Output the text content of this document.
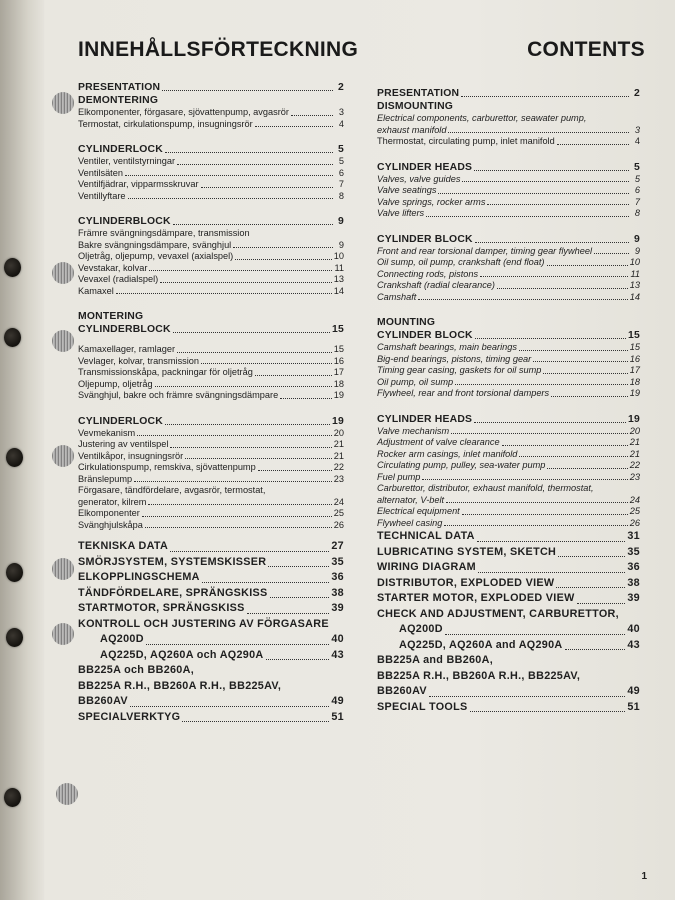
INNEHÅLLSFÖRTECKNING	CONTENTS
PRESENTATION	2
DEMONTERING
Elkomponenter, förgasare, sjövattenpump, avgasrör	3
Termostat, cirkulationspump, insugningsrör	4
CYLINDERLOCK	5
Ventiler, ventilstyrningar	5
Ventilsäten	6
Ventilfjädrar, vipparmsskruvar	7
Ventillyftare	8
CYLINDERBLOCK	9
Främre svängningsdämpare, transmission
Bakre svängningsdämpare, svänghjul	9
Oljetråg, oljepump, vevaxel (axialspel)	10
Vevstakar, kolvar	11
Vevaxel (radialspel)	13
Kamaxel	14
MONTERING
CYLINDERBLOCK	15
Kamaxellager, ramlager	15
Vevlager, kolvar, transmission	16
Transmissionskåpa, packningar för oljetråg	17
Oljepump, oljetråg	18
Svänghjul, bakre och främre svängningsdämpare	19
CYLINDERLOCK	19
Vevmekanism	20
Justering av ventilspel	21
Ventilkåpor, insugningsrör	21
Cirkulationspump, remskiva, sjövattenpump	22
Bränslepump	23
Förgasare, tändfördelare, avgasrör, termostat,
generator, kilrem	24
Elkomponenter	25
Svänghjulskåpa	26
TEKNISKA DATA	27
SMÖRJSYSTEM, SYSTEMSKISSER	35
ELKOPPLINGSCHEMA	36
TÄNDFÖRDELARE, SPRÄNGSKISS	38
STARTMOTOR, SPRÄNGSKISS	39
KONTROLL OCH JUSTERING AV FÖRGASARE
AQ200D	40
AQ225D, AQ260A och AQ290A	43
BB225A och BB260A,
BB225A R.H., BB260A R.H., BB225AV,
BB260AV	49
SPECIALVERKTYG	51
PRESENTATION	2
DISMOUNTING
Electrical components, carburettor, seawater pump,
exhaust manifold	3
Thermostat, circulating pump, inlet manifold	4
CYLINDER HEADS	5
Valves, valve guides	5
Valve seatings	6
Valve springs, rocker arms	7
Valve lifters	8
CYLINDER BLOCK	9
Front and rear torsional damper, timing gear flywheel	9
Oil sump, oil pump, crankshaft (end float)	10
Connecting rods, pistons	11
Crankshaft (radial clearance)	13
Camshaft	14
MOUNTING
CYLINDER BLOCK	15
Camshaft bearings, main bearings	15
Big-end bearings, pistons, timing gear	16
Timing gear casing, gaskets for oil sump	17
Oil pump, oil sump	18
Flywheel, rear and front torsional dampers	19
CYLINDER HEADS	19
Valve mechanism	20
Adjustment of valve clearance	21
Rocker arm casings, inlet manifold	21
Circulating pump, pulley, sea-water pump	22
Fuel pump	23
Carburettor, distributor, exhaust manifold, thermostat,
alternator, V-belt	24
Electrical equipment	25
Flywheel casing	26
TECHNICAL DATA	31
LUBRICATING SYSTEM, SKETCH	35
WIRING DIAGRAM	36
DISTRIBUTOR, EXPLODED VIEW	38
STARTER MOTOR, EXPLODED VIEW	39
CHECK AND ADJUSTMENT, CARBURETTOR,
AQ200D	40
AQ225D, AQ260A and AQ290A	43
BB225A and BB260A,
BB225A R.H., BB260A R.H., BB225AV,
BB260AV	49
SPECIAL TOOLS	51
1
